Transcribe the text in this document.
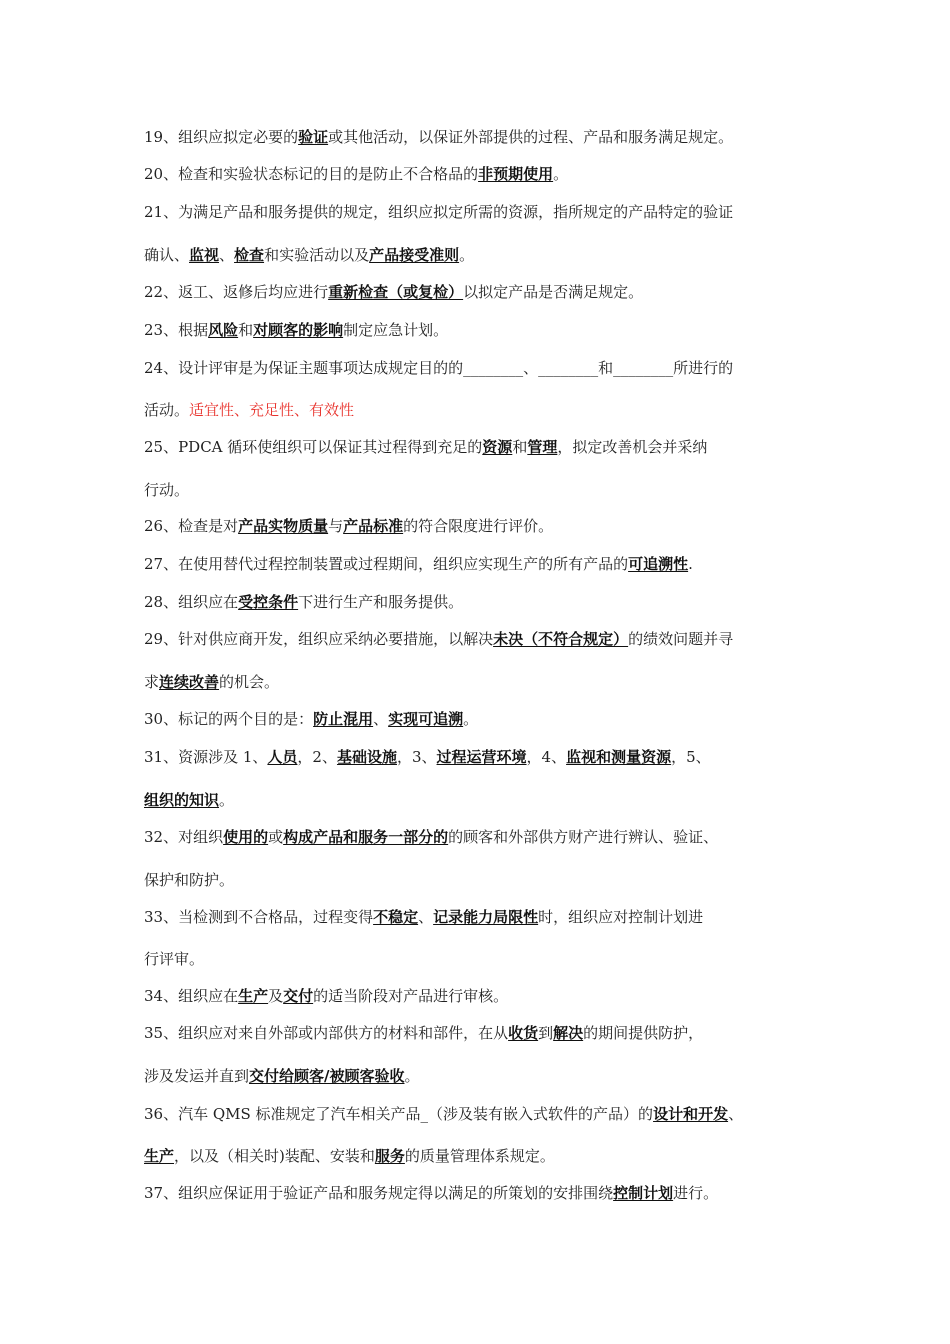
19、组织应拟定必要的验证或其他活动，以保证外部提供的过程、产品和服务满足规定。
20、检查和实验状态标记的目的是防止不合格品的非预期使用。
21、为满足产品和服务提供的规定，组织应拟定所需的资源，指所规定的产品特定的验证
确认、监视、检查和实验活动以及产品接受准则。
22、返工、返修后均应进行重新检查（或复检）以拟定产品是否满足规定。
23、根据风险和对顾客的影响制定应急计划。
24、设计评审是为保证主题事项达成规定目的的________、________和________所进行的
活动。适宜性、充足性、有效性
25、PDCA 循环使组织可以保证其过程得到充足的资源和管理，拟定改善机会并采纳
行动。
26、检查是对产品实物质量与产品标准的符合限度进行评价。
27、在使用替代过程控制装置或过程期间，组织应实现生产的所有产品的可追溯性.
28、组织应在受控条件下进行生产和服务提供。
29、针对供应商开发，组织应采纳必要措施，以解决未决（不符合规定）的绩效问题并寻
求连续改善的机会。
30、标记的两个目的是：防止混用、实现可追溯。
31、资源涉及 1、人员，2、基础设施，3、过程运营环境，4、监视和测量资源，5、
组织的知识。
32、对组织使用的或构成产品和服务一部分的的顾客和外部供方财产进行辨认、验证、
保护和防护。
33、当检测到不合格品，过程变得不稳定、记录能力局限性时，组织应对控制计划进
行评审。
34、组织应在生产及交付的适当阶段对产品进行审核。
35、组织应对来自外部或内部供方的材料和部件，在从收货到解决的期间提供防护，
涉及发运并直到交付给顾客/被顾客验收。
36、汽车 QMS 标准规定了汽车相关产品_（涉及装有嵌入式软件的产品）的设计和开发、
生产，以及（相关时)装配、安装和服务的质量管理体系规定。
37、组织应保证用于验证产品和服务规定得以满足的所策划的安排围绕控制计划进行。
